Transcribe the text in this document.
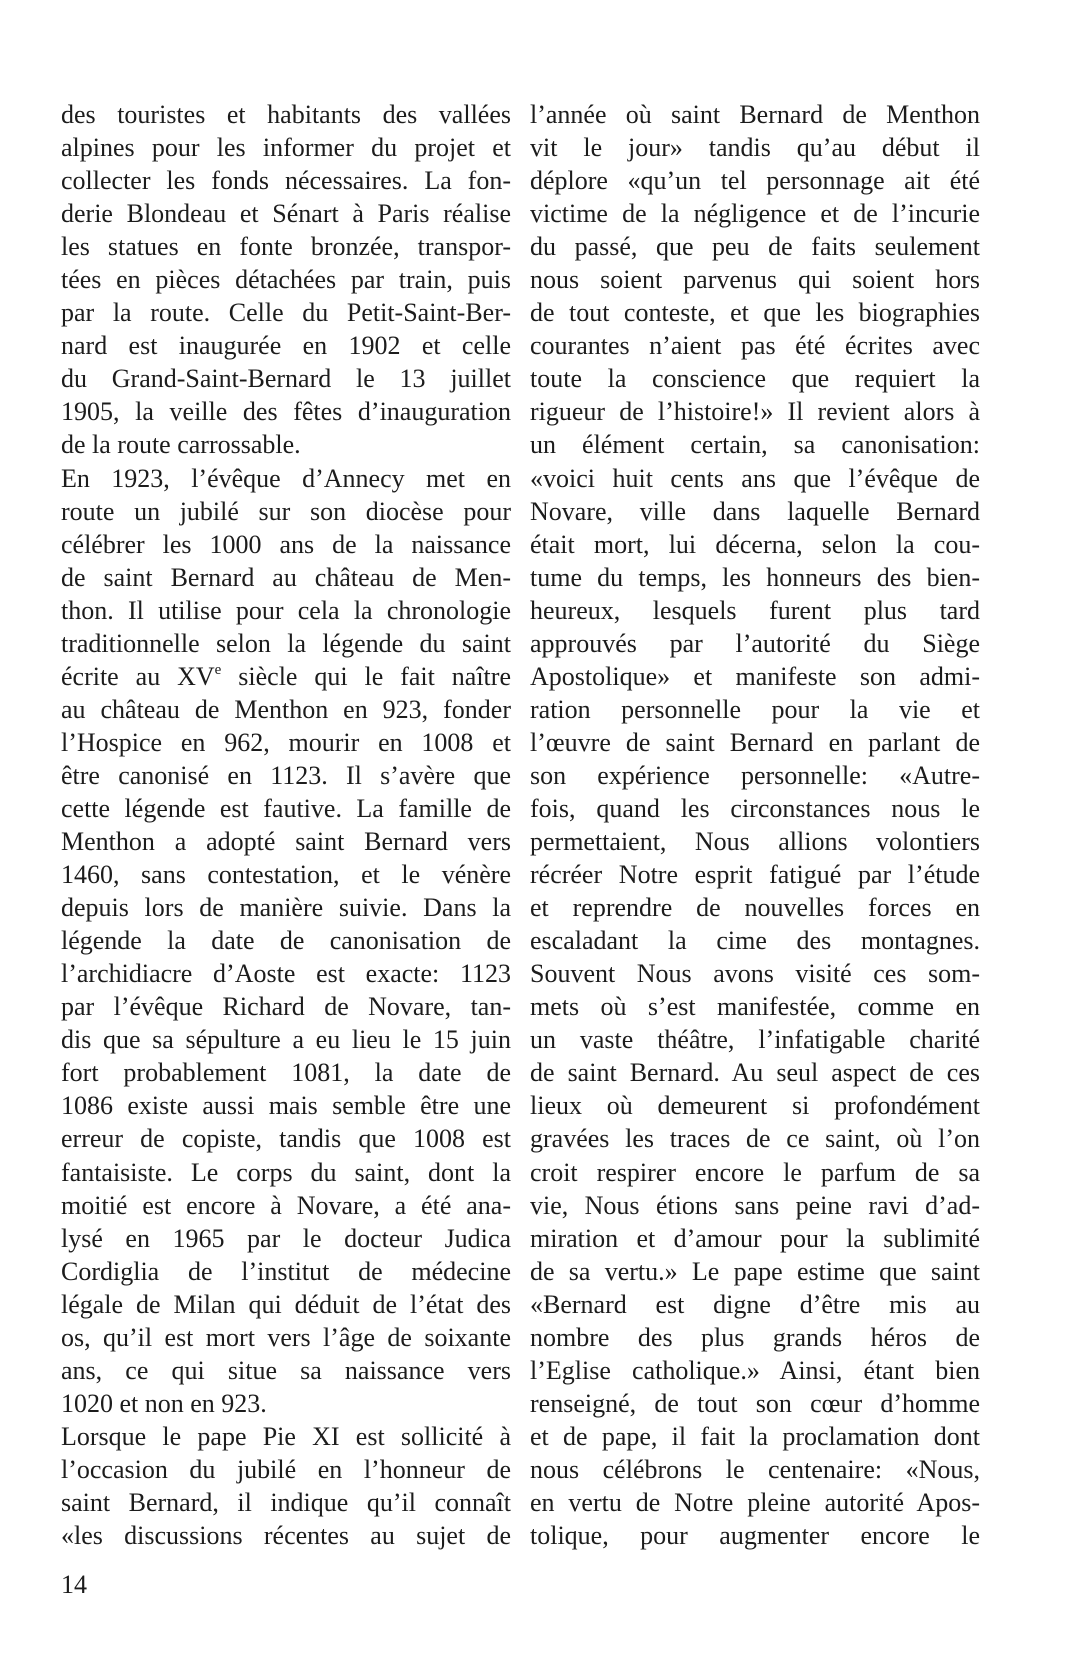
des touristes et habitants des vallées
alpines pour les informer du projet et
collecter les fonds nécessaires. La fon-
derie Blondeau et Sénart à Paris réalise
les statues en fonte bronzée, transpor-
tées en pièces détachées par train, puis
par la route. Celle du Petit-Saint-Ber-
nard est inaugurée en 1902 et celle
du Grand-Saint-Bernard le 13 juillet
1905, la veille des fêtes d’inauguration
de la route carrossable.
En 1923, l’évêque d’Annecy met en
route un jubilé sur son diocèse pour
célébrer les 1000 ans de la naissance
de saint Bernard au château de Men-
thon. Il utilise pour cela la chronologie
traditionnelle selon la légende du saint
écrite au XVe siècle qui le fait naître
au château de Menthon en 923, fonder
l’Hospice en 962, mourir en 1008 et
être canonisé en 1123. Il s’avère que
cette légende est fautive. La famille de
Menthon a adopté saint Bernard vers
1460, sans contestation, et le vénère
depuis lors de manière suivie. Dans la
légende la date de canonisation de
l’archidiacre d’Aoste est exacte: 1123
par l’évêque Richard de Novare, tan-
dis que sa sépulture a eu lieu le 15 juin
fort probablement 1081, la date de
1086 existe aussi mais semble être une
erreur de copiste, tandis que 1008 est
fantaisiste. Le corps du saint, dont la
moitié est encore à Novare, a été ana-
lysé en 1965 par le docteur Judica
Cordiglia de l’institut de médecine
légale de Milan qui déduit de l’état des
os, qu’il est mort vers l’âge de soixante
ans, ce qui situe sa naissance vers
1020 et non en 923.
Lorsque le pape Pie XI est sollicité à
l’occasion du jubilé en l’honneur de
saint Bernard, il indique qu’il connaît
«les discussions récentes au sujet de
l’année où saint Bernard de Menthon
vit le jour» tandis qu’au début il
déplore «qu’un tel personnage ait été
victime de la négligence et de l’incurie
du passé, que peu de faits seulement
nous soient parvenus qui soient hors
de tout conteste, et que les biographies
courantes n’aient pas été écrites avec
toute la conscience que requiert la
rigueur de l’histoire!» Il revient alors à
un élément certain, sa canonisation:
«voici huit cents ans que l’évêque de
Novare, ville dans laquelle Bernard
était mort, lui décerna, selon la cou-
tume du temps, les honneurs des bien-
heureux, lesquels furent plus tard
approuvés par l’autorité du Siège
Apostolique» et manifeste son admi-
ration personnelle pour la vie et
l’œuvre de saint Bernard en parlant de
son expérience personnelle: «Autre-
fois, quand les circonstances nous le
permettaient, Nous allions volontiers
récréer Notre esprit fatigué par l’étude
et reprendre de nouvelles forces en
escaladant la cime des montagnes.
Souvent Nous avons visité ces som-
mets où s’est manifestée, comme en
un vaste théâtre, l’infatigable charité
de saint Bernard. Au seul aspect de ces
lieux où demeurent si profondément
gravées les traces de ce saint, où l’on
croit respirer encore le parfum de sa
vie, Nous étions sans peine ravi d’ad-
miration et d’amour pour la sublimité
de sa vertu.» Le pape estime que saint
«Bernard est digne d’être mis au
nombre des plus grands héros de
l’Eglise catholique.» Ainsi, étant bien
renseigné, de tout son cœur d’homme
et de pape, il fait la proclamation dont
nous célébrons le centenaire: «Nous,
en vertu de Notre pleine autorité Apos-
tolique, pour augmenter encore le
14
